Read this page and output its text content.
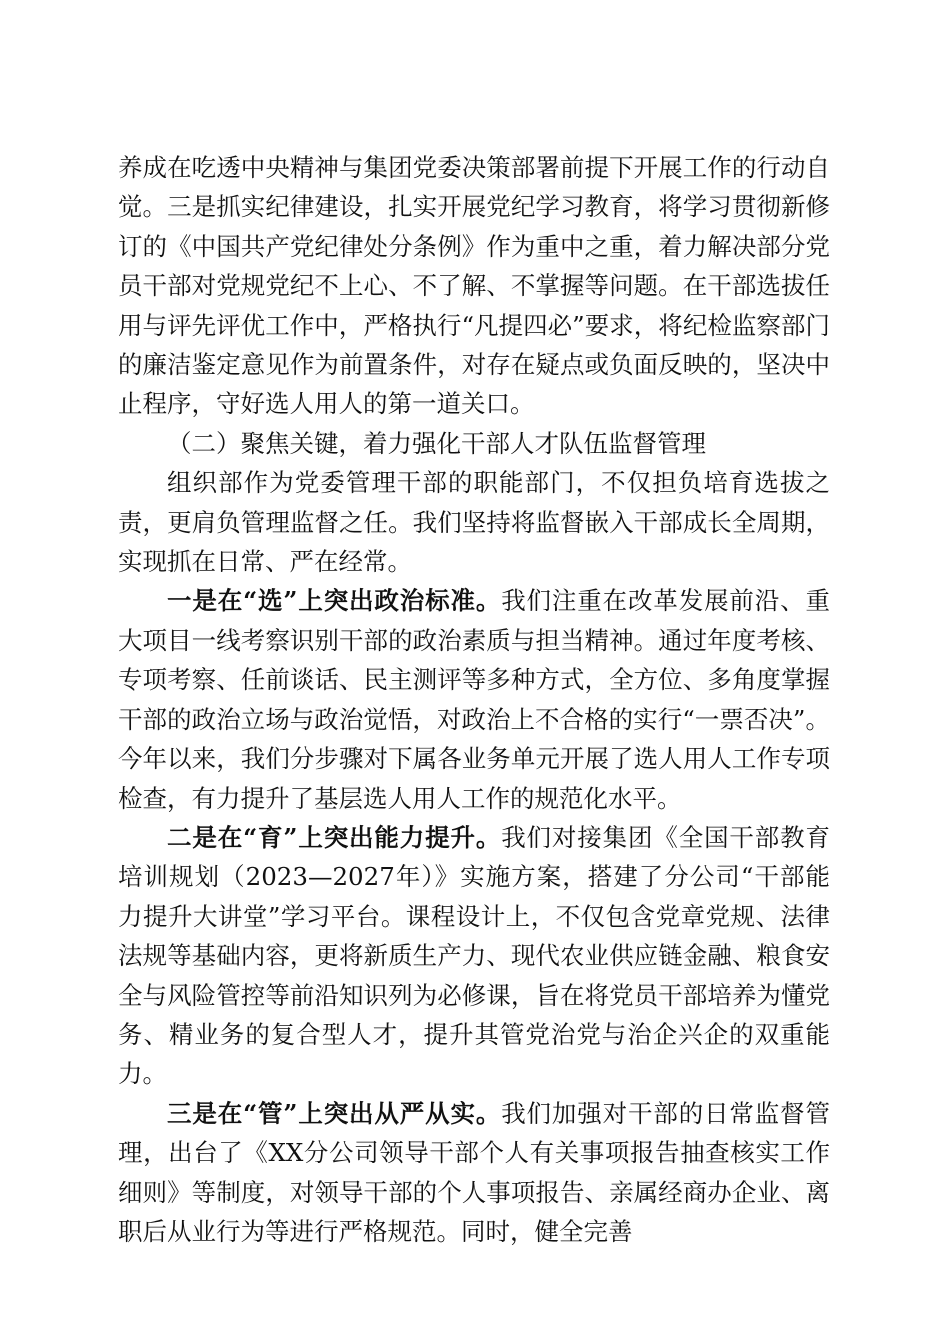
养成在吃透中央精神与集团党委决策部署前提下开展工作的行动自觉。三是抓实纪律建设，扎实开展党纪学习教育，将学习贯彻新修订的《中国共产党纪律处分条例》作为重中之重，着力解决部分党员干部对党规党纪不上心、不了解、不掌握等问题。在干部选拔任用与评先评优工作中，严格执行“凡提四必”要求，将纪检监察部门的廉洁鉴定意见作为前置条件，对存在疑点或负面反映的，坚决中止程序，守好选人用人的第一道关口。

（二）聚焦关键，着力强化干部人才队伍监督管理

组织部作为党委管理干部的职能部门，不仅担负培育选拔之责，更肩负管理监督之任。我们坚持将监督嵌入干部成长全周期，实现抓在日常、严在经常。

一是在“选”上突出政治标准。我们注重在改革发展前沿、重大项目一线考察识别干部的政治素质与担当精神。通过年度考核、专项考察、任前谈话、民主测评等多种方式，全方位、多角度掌握干部的政治立场与政治觉悟，对政治上不合格的实行“一票否决”。今年以来，我们分步骤对下属各业务单元开展了选人用人工作专项检查，有力提升了基层选人用人工作的规范化水平。

二是在“育”上突出能力提升。我们对接集团《全国干部教育培训规划（2023—2027年）》实施方案，搭建了分公司“干部能力提升大讲堂”学习平台。课程设计上，不仅包含党章党规、法律法规等基础内容，更将新质生产力、现代农业供应链金融、粮食安全与风险管控等前沿知识列为必修课，旨在将党员干部培养为懂党务、精业务的复合型人才，提升其管党治党与治企兴企的双重能力。

三是在“管”上突出从严从实。我们加强对干部的日常监督管理，出台了《XX分公司领导干部个人有关事项报告抽查核实工作细则》等制度，对领导干部的个人事项报告、亲属经商办企业、离职后从业行为等进行严格规范。同时，健全完善
